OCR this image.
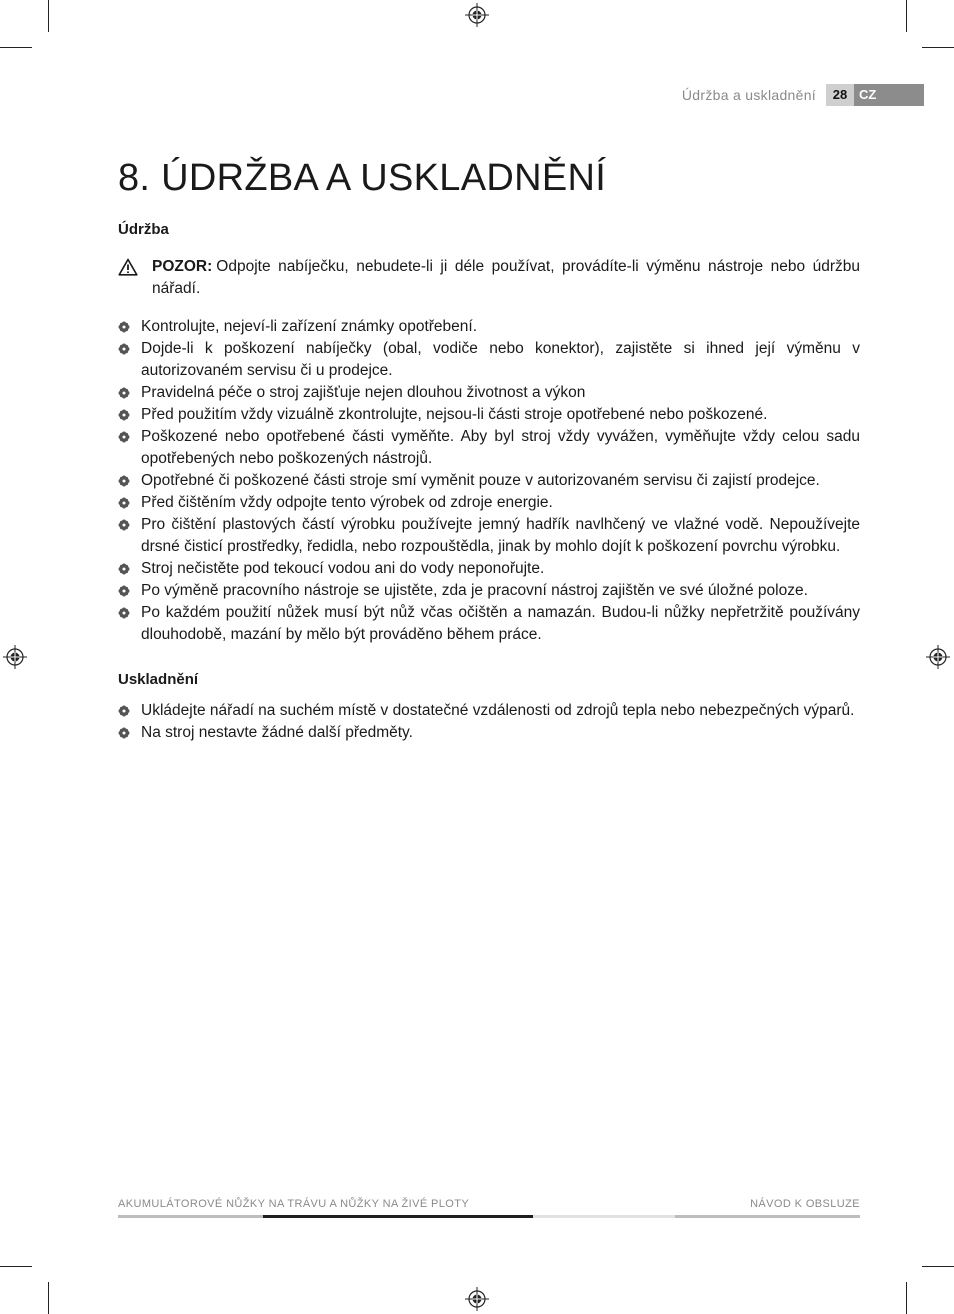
Údržba a uskladnění	28 CZ
8. ÚDRŽBA A USKLADNĚNÍ
Údržba
POZOR: Odpojte nabíječku, nebudete-li ji déle používat, provádíte-li výměnu nástroje nebo údržbu nářadí.
Kontrolujte, nejeví-li zařízení známky opotřebení.
Dojde-li k poškození nabíječky (obal, vodiče nebo konektor), zajistěte si ihned její výměnu v autorizovaném servisu či u prodejce.
Pravidelná péče o stroj zajišťuje nejen dlouhou životnost a výkon
Před použitím vždy vizuálně zkontrolujte, nejsou-li části stroje opotřebené nebo poškozené.
Poškozené nebo opotřebené části vyměňte. Aby byl stroj vždy vyvážen, vyměňujte vždy celou sadu opotřebených nebo poškozených nástrojů.
Opotřebné či poškozené části stroje smí vyměnit pouze v autorizovaném servisu či zajistí prodejce.
Před čištěním vždy odpojte tento výrobek od zdroje energie.
Pro čištění plastových částí výrobku používejte jemný hadřík navlhčený ve vlažné vodě. Nepoužívejte drsné čisticí prostředky, ředidla, nebo rozpouštědla, jinak by mohlo dojít k poškození povrchu výrobku.
Stroj nečistěte pod tekoucí vodou ani do vody neponořujte.
Po výměně pracovního nástroje se ujistěte, zda je pracovní nástroj zajištěn ve své úložné poloze.
Po každém použití nůžek musí být nůž včas očištěn a namazán. Budou-li nůžky nepřetržitě používány dlouhodobě, mazání by mělo být prováděno během práce.
Uskladnění
Ukládejte nářadí na suchém místě v dostatečné vzdálenosti od zdrojů tepla nebo nebezpečných výparů.
Na stroj nestavte žádné další předměty.
AKUMULÁTOROVÉ NŮŽKY NA TRÁVU A NŮŽKY NA ŽIVÉ PLOTY	NÁVOD K OBSLUZE
